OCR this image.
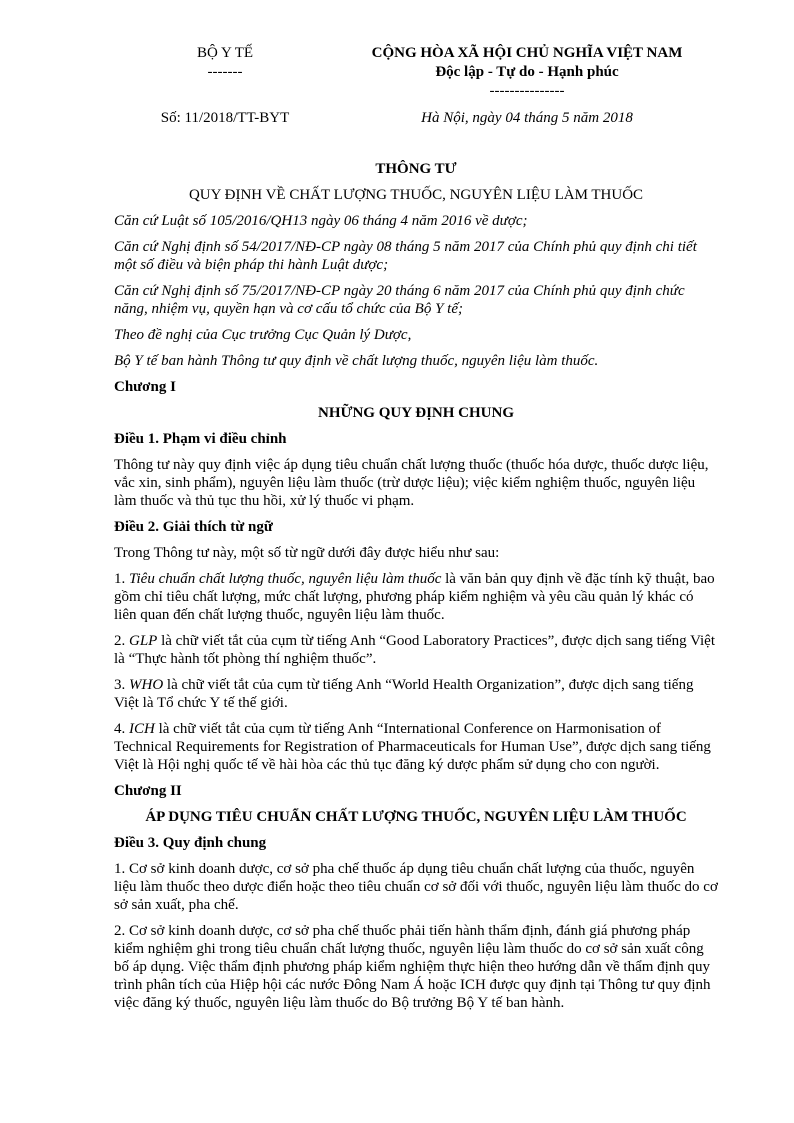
BỘ Y TẾ
-------
CỘNG HÒA XÃ HỘI CHỦ NGHĨA VIỆT NAM
Độc lập - Tự do - Hạnh phúc
---------------
Số: 11/2018/TT-BYT	Hà Nội, ngày 04 tháng 5 năm 2018

THÔNG TƯ

QUY ĐỊNH VỀ CHẤT LƯỢNG THUỐC, NGUYÊN LIỆU LÀM THUỐC

Căn cứ Luật số 105/2016/QH13 ngày 06 tháng 4 năm 2016 về dược;

Căn cứ Nghị định số 54/2017/NĐ-CP ngày 08 tháng 5 năm 2017 của Chính phủ quy định chi tiết một số điều và biện pháp thi hành Luật dược;

Căn cứ Nghị định số 75/2017/NĐ-CP ngày 20 tháng 6 năm 2017 của Chính phủ quy định chức năng, nhiệm vụ, quyền hạn và cơ cấu tổ chức của Bộ Y tế;

Theo đề nghị của Cục trưởng Cục Quản lý Dược,

Bộ Y tế ban hành Thông tư quy định về chất lượng thuốc, nguyên liệu làm thuốc.

Chương I

NHỮNG QUY ĐỊNH CHUNG

Điều 1. Phạm vi điều chỉnh

Thông tư này quy định việc áp dụng tiêu chuẩn chất lượng thuốc (thuốc hóa dược, thuốc dược liệu, vắc xin, sinh phẩm), nguyên liệu làm thuốc (trừ dược liệu); việc kiểm nghiệm thuốc, nguyên liệu làm thuốc và thủ tục thu hồi, xử lý thuốc vi phạm.

Điều 2. Giải thích từ ngữ

Trong Thông tư này, một số từ ngữ dưới đây được hiểu như sau:

1. Tiêu chuẩn chất lượng thuốc, nguyên liệu làm thuốc là văn bản quy định về đặc tính kỹ thuật, bao gồm chỉ tiêu chất lượng, mức chất lượng, phương pháp kiểm nghiệm và yêu cầu quản lý khác có liên quan đến chất lượng thuốc, nguyên liệu làm thuốc.

2. GLP là chữ viết tắt của cụm từ tiếng Anh “Good Laboratory Practices”, được dịch sang tiếng Việt là “Thực hành tốt phòng thí nghiệm thuốc”.

3. WHO là chữ viết tắt của cụm từ tiếng Anh “World Health Organization”, được dịch sang tiếng Việt là Tổ chức Y tế thế giới.

4. ICH là chữ viết tắt của cụm từ tiếng Anh “International Conference on Harmonisation of Technical Requirements for Registration of Pharmaceuticals for Human Use”, được dịch sang tiếng Việt là Hội nghị quốc tế về hài hòa các thủ tục đăng ký dược phẩm sử dụng cho con người.

Chương II

ÁP DỤNG TIÊU CHUẨN CHẤT LƯỢNG THUỐC, NGUYÊN LIỆU LÀM THUỐC

Điều 3. Quy định chung

1. Cơ sở kinh doanh dược, cơ sở pha chế thuốc áp dụng tiêu chuẩn chất lượng của thuốc, nguyên liệu làm thuốc theo dược điển hoặc theo tiêu chuẩn cơ sở đối với thuốc, nguyên liệu làm thuốc do cơ sở sản xuất, pha chế.

2. Cơ sở kinh doanh dược, cơ sở pha chế thuốc phải tiến hành thẩm định, đánh giá phương pháp kiểm nghiệm ghi trong tiêu chuẩn chất lượng thuốc, nguyên liệu làm thuốc do cơ sở sản xuất công bố áp dụng. Việc thẩm định phương pháp kiểm nghiệm thực hiện theo hướng dẫn về thẩm định quy trình phân tích của Hiệp hội các nước Đông Nam Á hoặc ICH được quy định tại Thông tư quy định việc đăng ký thuốc, nguyên liệu làm thuốc do Bộ trưởng Bộ Y tế ban hành.
